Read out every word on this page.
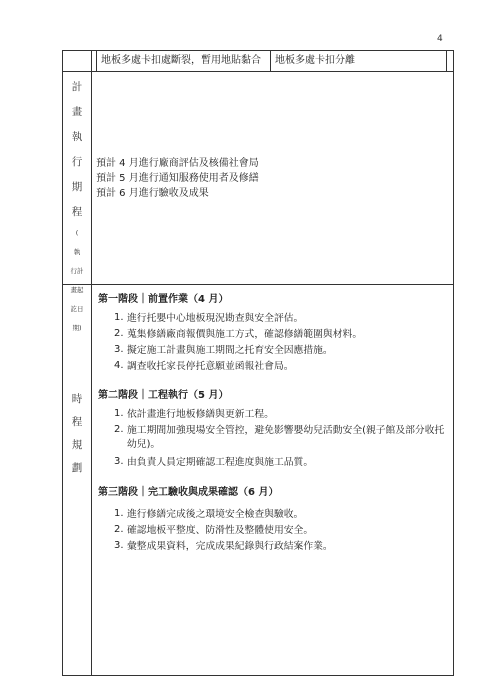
4
地板多處卡扣處斷裂，暫用地貼黏合 地板多處卡扣分離
計
畫
執
行
期
程
(
執
行計
畫起
訖日
期)
預計 4 月進行廠商評估及核備社會局
預計 5 月進行通知服務使用者及修繕
預計 6 月進行驗收及成果
時
程
規
劃
第一階段｜前置作業（4 月）
1. 進行托嬰中心地板現況勘查與安全評估。
2. 蒐集修繕廠商報價與施工方式，確認修繕範圍與材料。
3. 擬定施工計畫與施工期間之托育安全因應措施。
4. 調查收托家長停托意願並函報社會局。
第二階段｜工程執行（5 月）
1. 依計畫進行地板修繕與更新工程。
2. 施工期間加強現場安全管控，避免影響嬰幼兒活動安全(親子館及部分收托
幼兒)。
3. 由負責人員定期確認工程進度與施工品質。
第三階段｜完工驗收與成果確認（6 月）
1. 進行修繕完成後之環境安全檢查與驗收。
2. 確認地板平整度、防滑性及整體使用安全。
3. 彙整成果資料，完成成果紀錄與行政結案作業。
